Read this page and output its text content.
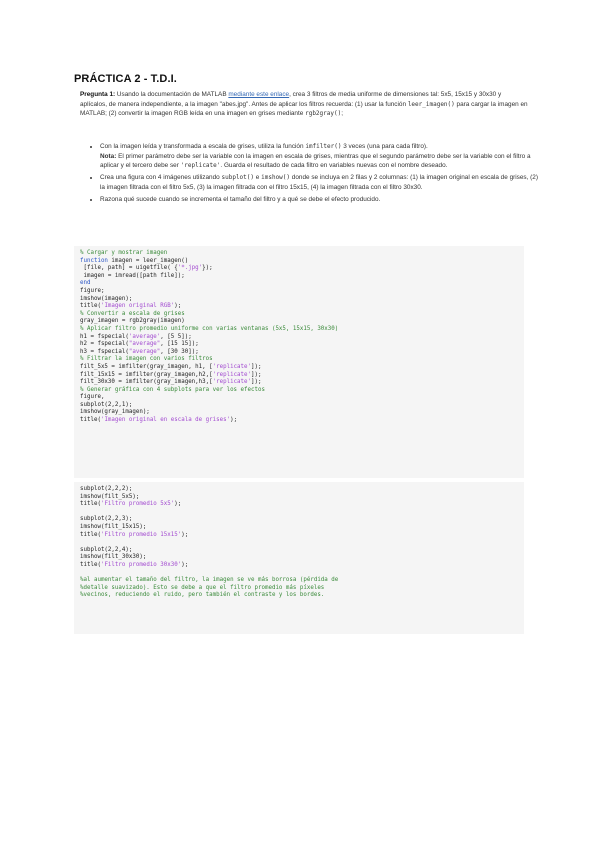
PRÁCTICA 2 - T.D.I.
Pregunta 1: Usando la documentación de MATLAB mediante este enlace, crea 3 filtros de media uniforme de dimensiones tal: 5x5, 15x15 y 30x30 y aplícalos, de manera independiente, a la imagen "abes.jpg". Antes de aplicar los filtros recuerda: (1) usar la función leer_imagen() para cargar la imagen en MATLAB; (2) convertir la imagen RGB leída en una imagen en grises mediante rgb2gray();
• Con la imagen leída y transformada a escala de grises, utiliza la función imfilter() 3 veces (una para cada filtro).
Nota: El primer parámetro debe ser la variable con la imagen en escala de grises, mientras que el segundo parámetro debe ser la variable con el filtro a aplicar y el tercero debe ser 'replicate'. Guarda el resultado de cada filtro en variables nuevas con el nombre deseado.
• Crea una figura con 4 imágenes utilizando subplot() e imshow() donde se incluya en 2 filas y 2 columnas: (1) la imagen original en escala de grises, (2) la imagen filtrada con el filtro 5x5, (3) la imagen filtrada con el filtro 15x15, (4) la imagen filtrada con el filtro 30x30.
• Razona qué sucede cuando se incrementa el tamaño del filtro y a qué se debe el efecto producido.
% Cargar y mostrar imagen
function imagen = leer_imagen()
[file, path] = uigetfile( {'*.jpg'});
imagen = imread([path file]);
end
figure;
imshow(imagen);
title('Imagen original RGB');
% Convertir a escala de grises
gray_imagen = rgb2gray(imagen)
% Aplicar filtro promedio uniforme con varias ventanas (5x5, 15x15, 30x30)
h1 = fspecial('average', [5 5]);
h2 = fspecial("average", [15 15]);
h3 = fspecial("average", [30 30]);
% Filtrar la imagen con varios filtros
filt_5x5 = imfilter(gray_imagen, h1, ['replicate']);
filt_15x15 = imfilter(gray_imagen,h2,['replicate']);
filt_30x30 = imfilter(gray_imagen,h3,['replicate']);
% Generar gráfica con 4 subplots para ver los efectos
figure,
subplot(2,2,1);
imshow(gray_imagen);
title('Imagen original en escala de grises');
subplot(2,2,2);
imshow(filt_5x5);
title('Filtro promedio 5x5');
subplot(2,2,3);
imshow(filt_15x15);
title('Filtro promedio 15x15');
subplot(2,2,4);
imshow(filt_30x30);
title('Filtro promedio 30x30');
%al aumentar el tamaño del filtro, la imagen se ve más borrosa (pérdida de
%detalle suavizado). Esto se debe a que el filtro promedio más píxeles
%vecinos, reduciendo el ruido, pero también el contraste y los bordes.
